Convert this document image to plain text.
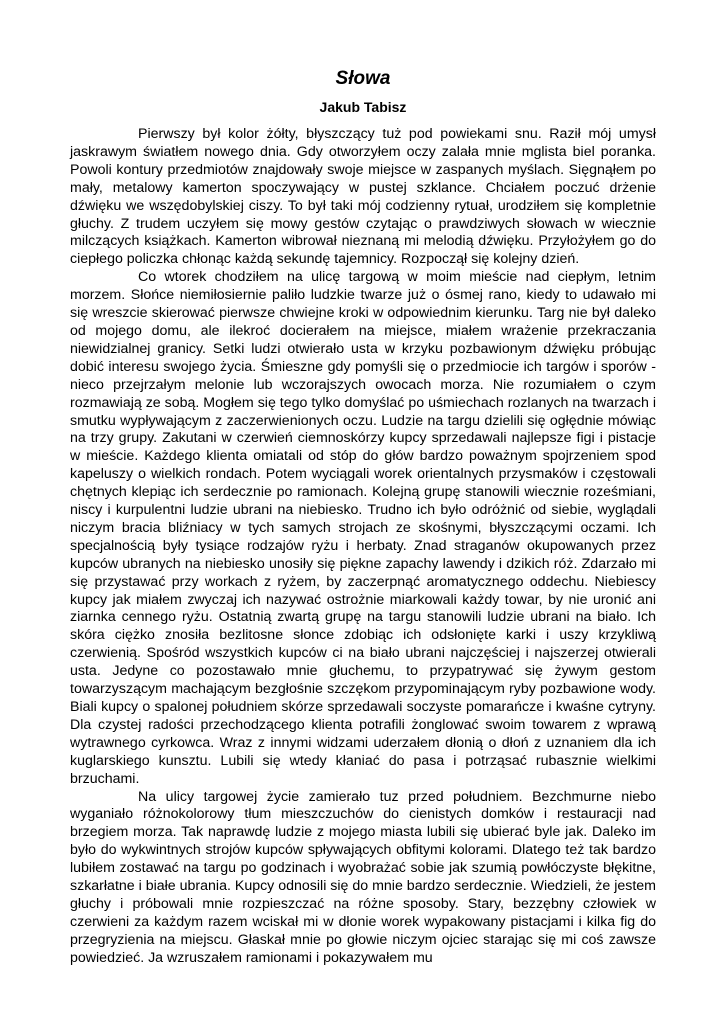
Słowa
Jakub Tabisz

Pierwszy był kolor żółty, błyszczący tuż pod powiekami snu. Raził mój umysł jaskrawym światłem nowego dnia. Gdy otworzyłem oczy zalała mnie mglista biel poranka. Powoli kontury przedmiotów znajdowały swoje miejsce w zaspanych myślach. Sięgnąłem po mały, metalowy kamerton spoczywający w pustej szklance. Chciałem poczuć drżenie dźwięku we wszędobylskiej ciszy. To był taki mój codzienny rytuał, urodziłem się kompletnie głuchy. Z trudem uczyłem się mowy gestów czytając o prawdziwych słowach w wiecznie milczących książkach. Kamerton wibrował nieznaną mi melodią dźwięku. Przyłożyłem go do ciepłego policzka chłonąc każdą sekundę tajemnicy. Rozpoczął się kolejny dzień.

Co wtorek chodziłem na ulicę targową w moim mieście nad ciepłym, letnim morzem. Słońce niemiłosiernie paliło ludzkie twarze już o ósmej rano, kiedy to udawało mi się wreszcie skierować pierwsze chwiejne kroki w odpowiednim kierunku. Targ nie był daleko od mojego domu, ale ilekroć docierałem na miejsce, miałem wrażenie przekraczania niewidzialnej granicy. Setki ludzi otwierało usta w krzyku pozbawionym dźwięku próbując dobić interesu swojego życia. Śmieszne gdy pomyśli się o przedmiocie ich targów i sporów - nieco przejrzałym melonie lub wczorajszych owocach morza. Nie rozumiałem o czym rozmawiają ze sobą. Mogłem się tego tylko domyślać po uśmiechach rozlanych na twarzach i smutku wypływającym z zaczerwienionych oczu. Ludzie na targu dzielili się ogłędnie mówiąc na trzy grupy. Zakutani w czerwień ciemnoskórzy kupcy sprzedawali najlepsze figi i pistacje w mieście. Każdego klienta omiatali od stóp do głów bardzo poważnym spojrzeniem spod kapeluszy o wielkich rondach. Potem wyciągali worek orientalnych przysmaków i częstowali chętnych klepiąc ich serdecznie po ramionach. Kolejną grupę stanowili wiecznie roześmiani, niscy i kurpulentni ludzie ubrani na niebiesko. Trudno ich było odróżnić od siebie, wyglądali niczym bracia bliźniacy w tych samych strojach ze skośnymi, błyszczącymi oczami. Ich specjalnością były tysiące rodzajów ryżu i herbaty. Znad straganów okupowanych przez kupców ubranych na niebiesko unosiły się piękne zapachy lawendy i dzikich róż. Zdarzało mi się przystawać przy workach z ryżem, by zaczerpnąć aromatycznego oddechu. Niebiescy kupcy jak miałem zwyczaj ich nazywać ostrożnie miarkowali każdy towar, by nie uronić ani ziarnka cennego ryżu. Ostatnią zwartą grupę na targu stanowili ludzie ubrani na biało. Ich skóra ciężko znosiła bezlitosne słonce zdobiąc ich odsłonięte karki i uszy krzykliwą czerwienią. Spośród wszystkich kupców ci na biało ubrani najczęściej i najszerzej otwierali usta. Jedyne co pozostawało mnie głuchemu, to przypatrywać się żywym gestom towarzyszącym machającym bezgłośnie szczękom przypominającym ryby pozbawione wody. Biali kupcy o spalonej południem skórze sprzedawali soczyste pomarańcze i kwaśne cytryny. Dla czystej radości przechodzącego klienta potrafili żonglować swoim towarem z wprawą wytrawnego cyrkowca. Wraz z innymi widzami uderzałem dłonią o dłoń z uznaniem dla ich kuglarskiego kunsztu. Lubili się wtedy kłaniać do pasa i potrząsać rubasznie wielkimi brzuchami.

Na ulicy targowej życie zamierało tuz przed południem. Bezchmurne niebo wyganiało różnokolorowy tłum mieszczuchów do cienistych domków i restauracji nad brzegiem morza. Tak naprawdę ludzie z mojego miasta lubili się ubierać byle jak. Daleko im było do wykwintnych strojów kupców spływających obfitymi kolorami. Dlatego też tak bardzo lubiłem zostawać na targu po godzinach i wyobrażać sobie jak szumią powłóczyste błękitne, szkarłatne i białe ubrania. Kupcy odnosili się do mnie bardzo serdecznie. Wiedzieli, że jestem głuchy i próbowali mnie rozpieszczać na różne sposoby. Stary, bezzębny człowiek w czerwieni za każdym razem wciskał mi w dłonie worek wypakowany pistacjami i kilka fig do przegryzienia na miejscu. Głaskał mnie po głowie niczym ojciec starając się mi coś zawsze powiedzieć. Ja wzruszałem ramionami i pokazywałem mu
